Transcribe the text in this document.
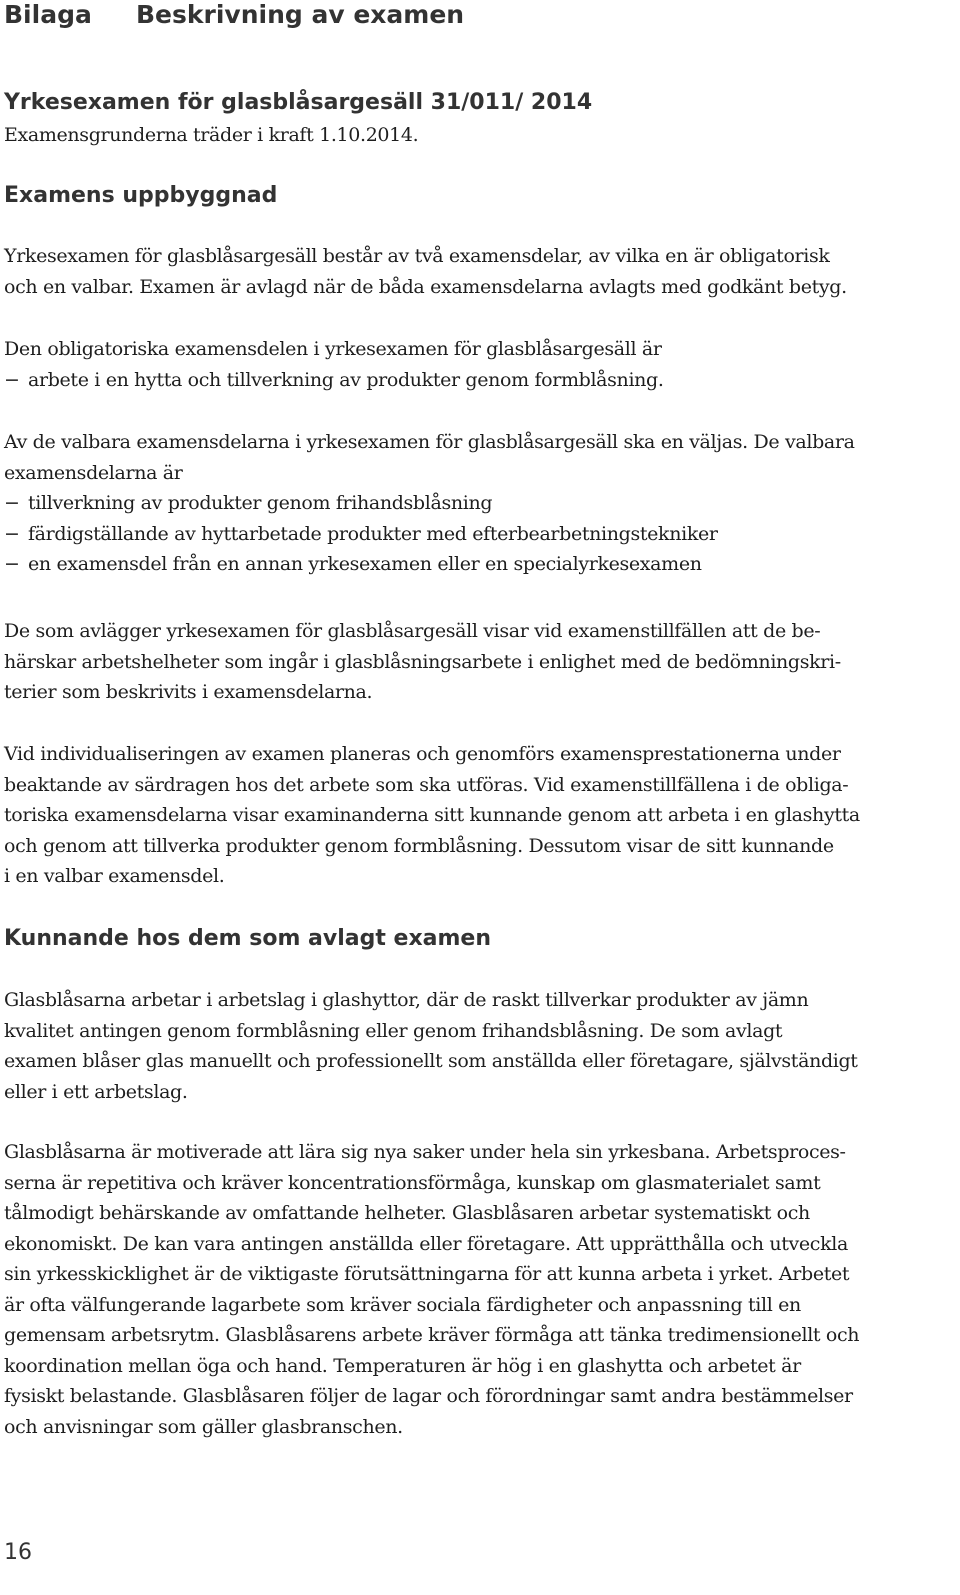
Bilaga Beskrivning av examen
Yrkesexamen för glasblåsargesäll 31/011/ 2014
Examensgrunderna träder i kraft 1.10.2014.
Examens uppbyggnad
Yrkesexamen för glasblåsargesäll består av två examensdelar, av vilka en är obligatorisk
och en valbar. Examen är avlagd när de båda examensdelarna avlagts med godkänt betyg.
Den obligatoriska examensdelen i yrkesexamen för glasblåsargesäll är
− arbete i en hytta och tillverkning av produkter genom formblåsning.
Av de valbara examensdelarna i yrkesexamen för glasblåsargesäll ska en väljas. De valbara
examensdelarna är
− tillverkning av produkter genom frihandsblåsning
− färdigställande av hyttarbetade produkter med efterbearbetningstekniker
− en examensdel från en annan yrkesexamen eller en specialyrkesexamen
De som avlägger yrkesexamen för glasblåsargesäll visar vid examenstillfällen att de be-
härskar arbetshelheter som ingår i glasblåsningsarbete i enlighet med de bedömningskri-
terier som beskrivits i examensdelarna.
Vid individualiseringen av examen planeras och genomförs examensprestationerna under
beaktande av särdragen hos det arbete som ska utföras. Vid examenstillfällena i de obliga-
toriska examensdelarna visar examinanderna sitt kunnande genom att arbeta i en glashytta
och genom att tillverka produkter genom formblåsning. Dessutom visar de sitt kunnande
i en valbar examensdel.
Kunnande hos dem som avlagt examen
Glasblåsarna arbetar i arbetslag i glashyttor, där de raskt tillverkar produkter av jämn
kvalitet antingen genom formblåsning eller genom frihandsblåsning. De som avlagt
examen blåser glas manuellt och professionellt som anställda eller företagare, självständigt
eller i ett arbetslag.
Glasblåsarna är motiverade att lära sig nya saker under hela sin yrkesbana. Arbetsproces-
serna är repetitiva och kräver koncentrationsförmåga, kunskap om glasmaterialet samt
tålmodigt behärskande av omfattande helheter. Glasblåsaren arbetar systematiskt och
ekonomiskt. De kan vara antingen anställda eller företagare. Att upprätthålla och utveckla
sin yrkesskicklighet är de viktigaste förutsättningarna för att kunna arbeta i yrket. Arbetet
är ofta välfungerande lagarbete som kräver sociala färdigheter och anpassning till en
gemensam arbetsrytm. Glasblåsarens arbete kräver förmåga att tänka tredimensionellt och
koordination mellan öga och hand. Temperaturen är hög i en glashytta och arbetet är
fysiskt belastande. Glasblåsaren följer de lagar och förordningar samt andra bestämmelser
och anvisningar som gäller glasbranschen.
16
